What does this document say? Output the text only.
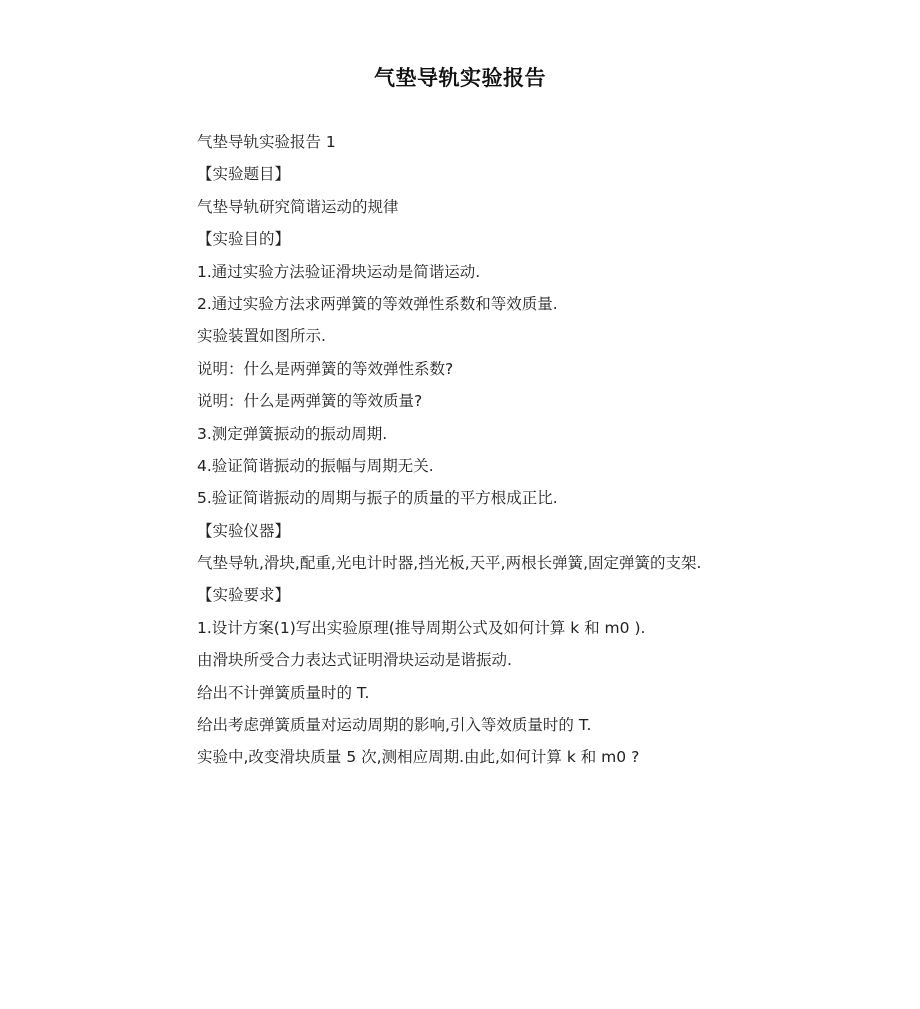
气垫导轨实验报告
气垫导轨实验报告 1
【实验题目】
气垫导轨研究简谐运动的规律
【实验目的】
1.通过实验方法验证滑块运动是简谐运动.
2.通过实验方法求两弹簧的等效弹性系数和等效质量.
实验装置如图所示.
说明：什么是两弹簧的等效弹性系数?
说明：什么是两弹簧的等效质量?
3.测定弹簧振动的振动周期.
4.验证简谐振动的振幅与周期无关.
5.验证简谐振动的周期与振子的质量的平方根成正比.
【实验仪器】
气垫导轨,滑块,配重,光电计时器,挡光板,天平,两根长弹簧,固定弹簧的支架.
【实验要求】
1.设计方案(1)写出实验原理(推导周期公式及如何计算 k 和 m0 ).
由滑块所受合力表达式证明滑块运动是谐振动.
给出不计弹簧质量时的 T.
给出考虑弹簧质量对运动周期的影响,引入等效质量时的 T.
实验中,改变滑块质量 5 次,测相应周期.由此,如何计算 k 和 m0 ?
